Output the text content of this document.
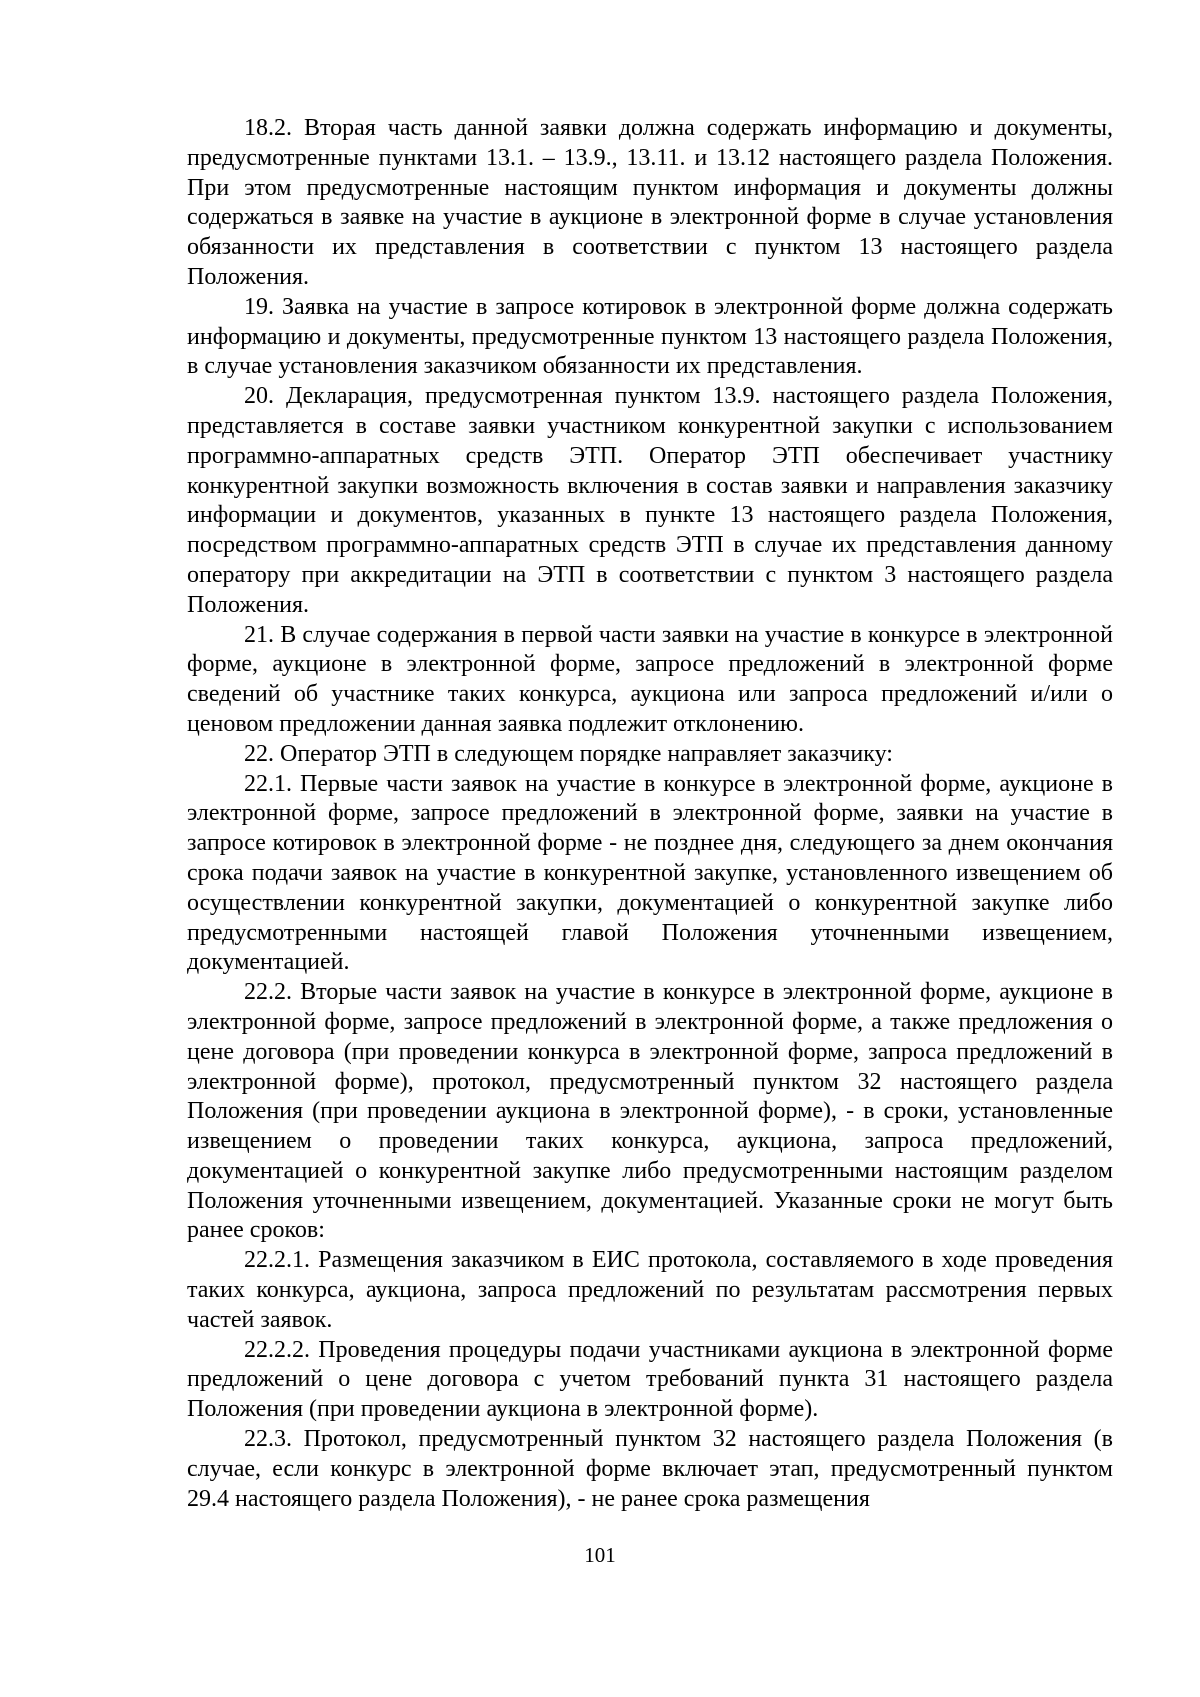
18.2. Вторая часть данной заявки должна содержать информацию и документы, предусмотренные пунктами 13.1. – 13.9., 13.11. и 13.12 настоящего раздела Положения. При этом предусмотренные настоящим пунктом информация и документы должны содержаться в заявке на участие в аукционе в электронной форме в случае установления обязанности их представления в соответствии с пунктом 13 настоящего раздела Положения.

19. Заявка на участие в запросе котировок в электронной форме должна содержать информацию и документы, предусмотренные пунктом 13 настоящего раздела Положения, в случае установления заказчиком обязанности их представления.

20. Декларация, предусмотренная пунктом 13.9. настоящего раздела Положения, представляется в составе заявки участником конкурентной закупки с использованием программно-аппаратных средств ЭТП. Оператор ЭТП обеспечивает участнику конкурентной закупки возможность включения в состав заявки и направления заказчику информации и документов, указанных в пункте 13 настоящего раздела Положения, посредством программно-аппаратных средств ЭТП в случае их представления данному оператору при аккредитации на ЭТП в соответствии с пунктом 3 настоящего раздела Положения.

21. В случае содержания в первой части заявки на участие в конкурсе в электронной форме, аукционе в электронной форме, запросе предложений в электронной форме сведений об участнике таких конкурса, аукциона или запроса предложений и/или о ценовом предложении данная заявка подлежит отклонению.

22. Оператор ЭТП в следующем порядке направляет заказчику:

22.1. Первые части заявок на участие в конкурсе в электронной форме, аукционе в электронной форме, запросе предложений в электронной форме, заявки на участие в запросе котировок в электронной форме - не позднее дня, следующего за днем окончания срока подачи заявок на участие в конкурентной закупке, установленного извещением об осуществлении конкурентной закупки, документацией о конкурентной закупке либо предусмотренными настоящей главой Положения уточненными извещением, документацией.

22.2. Вторые части заявок на участие в конкурсе в электронной форме, аукционе в электронной форме, запросе предложений в электронной форме, а также предложения о цене договора (при проведении конкурса в электронной форме, запроса предложений в электронной форме), протокол, предусмотренный пунктом 32 настоящего раздела Положения (при проведении аукциона в электронной форме), - в сроки, установленные извещением о проведении таких конкурса, аукциона, запроса предложений, документацией о конкурентной закупке либо предусмотренными настоящим разделом Положения уточненными извещением, документацией. Указанные сроки не могут быть ранее сроков:

22.2.1. Размещения заказчиком в ЕИС протокола, составляемого в ходе проведения таких конкурса, аукциона, запроса предложений по результатам рассмотрения первых частей заявок.

22.2.2. Проведения процедуры подачи участниками аукциона в электронной форме предложений о цене договора с учетом требований пункта 31 настоящего раздела Положения (при проведении аукциона в электронной форме).

22.3. Протокол, предусмотренный пунктом 32 настоящего раздела Положения (в случае, если конкурс в электронной форме включает этап, предусмотренный пунктом 29.4 настоящего раздела Положения), - не ранее срока размещения

101
